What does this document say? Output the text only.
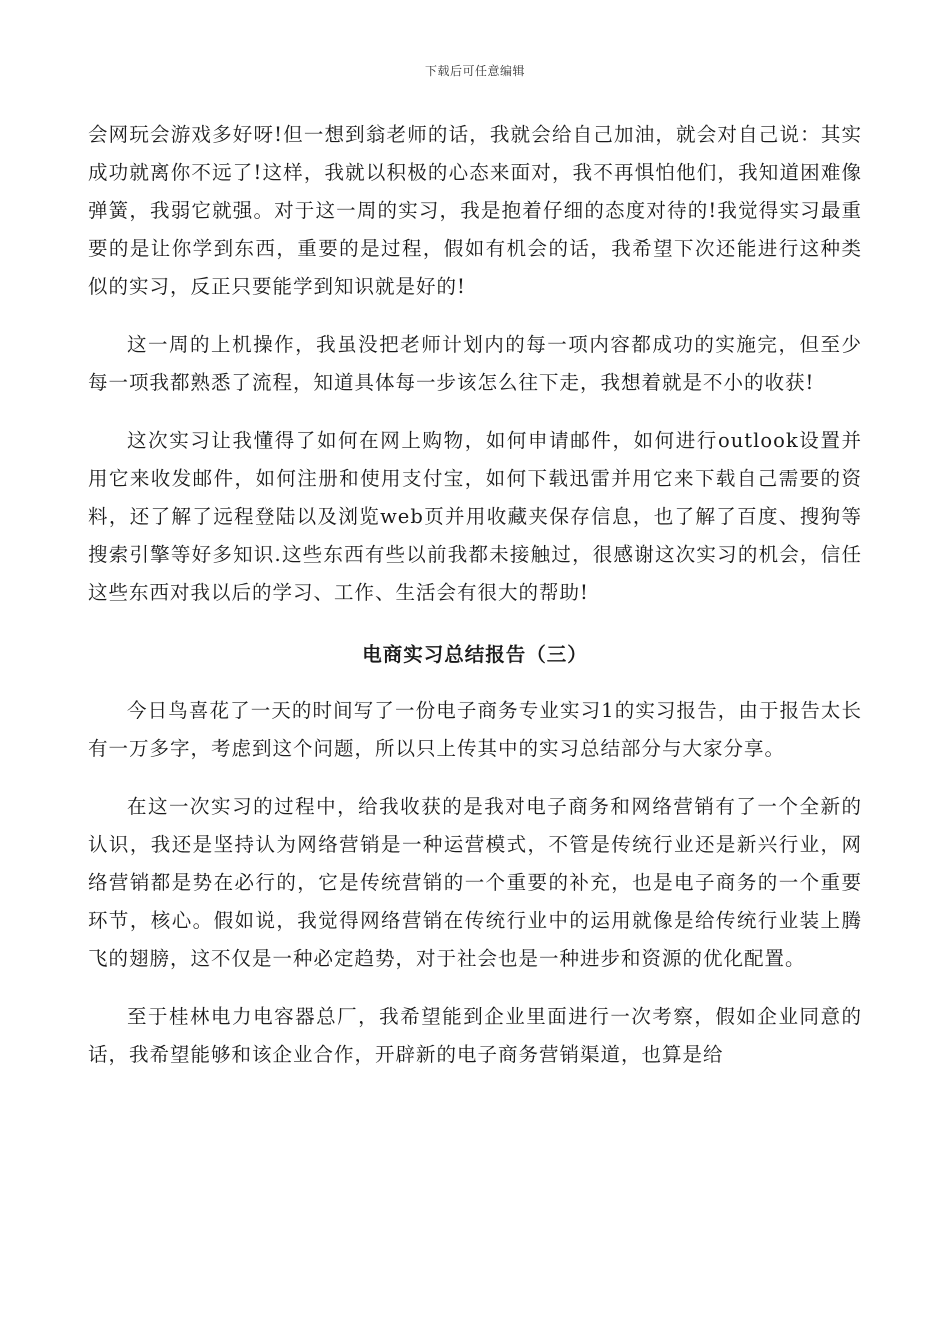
下载后可任意编辑

会网玩会游戏多好呀!但一想到翁老师的话，我就会给自己加油，就会对自己说：其实成功就离你不远了!这样，我就以积极的心态来面对，我不再惧怕他们，我知道困难像弹簧，我弱它就强。对于这一周的实习，我是抱着仔细的态度对待的!我觉得实习最重要的是让你学到东西，重要的是过程，假如有机会的话，我希望下次还能进行这种类似的实习，反正只要能学到知识就是好的!

这一周的上机操作，我虽没把老师计划内的每一项内容都成功的实施完，但至少每一项我都熟悉了流程，知道具体每一步该怎么往下走，我想着就是不小的收获!

这次实习让我懂得了如何在网上购物，如何申请邮件，如何进行outlook设置并用它来收发邮件，如何注册和使用支付宝，如何下载迅雷并用它来下载自己需要的资料，还了解了远程登陆以及浏览web页并用收藏夹保存信息，也了解了百度、搜狗等搜索引擎等好多知识.这些东西有些以前我都未接触过，很感谢这次实习的机会，信任这些东西对我以后的学习、工作、生活会有很大的帮助!

电商实习总结报告（三）

今日鸟喜花了一天的时间写了一份电子商务专业实习1的实习报告，由于报告太长有一万多字，考虑到这个问题，所以只上传其中的实习总结部分与大家分享。

在这一次实习的过程中，给我收获的是我对电子商务和网络营销有了一个全新的认识，我还是坚持认为网络营销是一种运营模式，不管是传统行业还是新兴行业，网络营销都是势在必行的，它是传统营销的一个重要的补充，也是电子商务的一个重要环节，核心。假如说，我觉得网络营销在传统行业中的运用就像是给传统行业装上腾飞的翅膀，这不仅是一种必定趋势，对于社会也是一种进步和资源的优化配置。

至于桂林电力电容器总厂，我希望能到企业里面进行一次考察，假如企业同意的话，我希望能够和该企业合作，开辟新的电子商务营销渠道，也算是给
